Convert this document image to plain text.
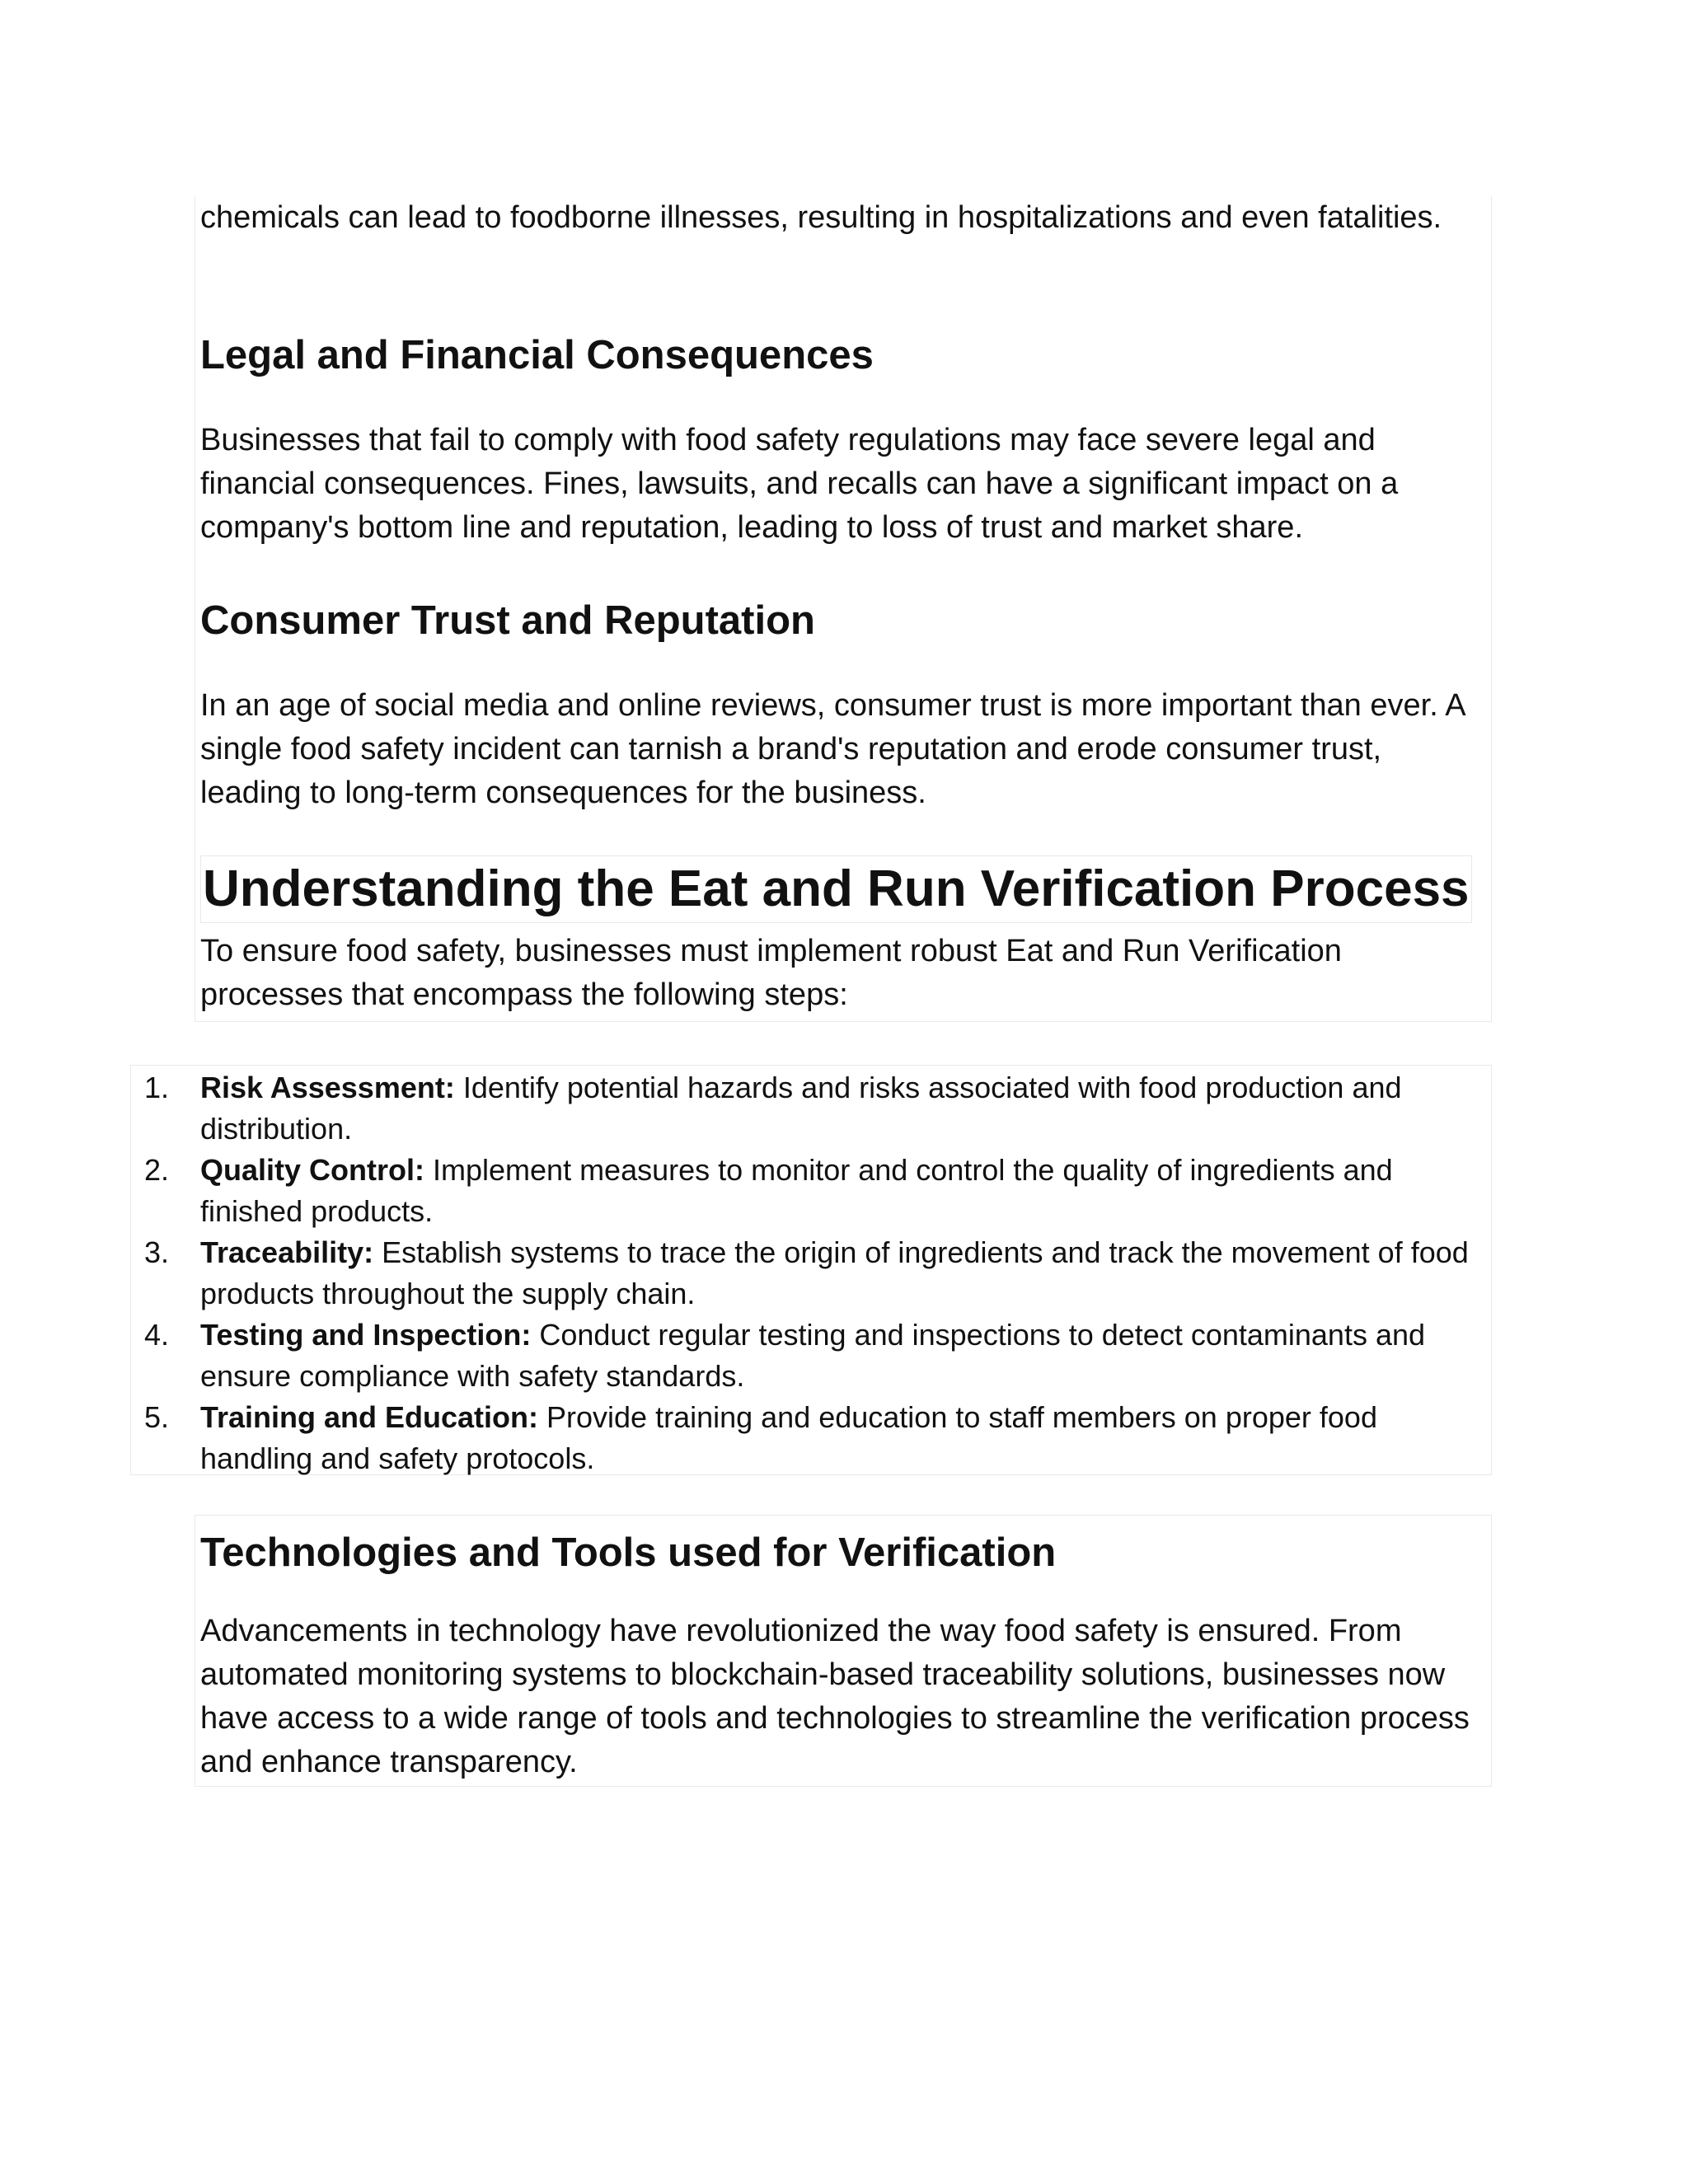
chemicals can lead to foodborne illnesses, resulting in hospitalizations and even fatalities.

Legal and Financial Consequences

Businesses that fail to comply with food safety regulations may face severe legal and financial consequences. Fines, lawsuits, and recalls can have a significant impact on a company's bottom line and reputation, leading to loss of trust and market share.

Consumer Trust and Reputation

In an age of social media and online reviews, consumer trust is more important than ever. A single food safety incident can tarnish a brand's reputation and erode consumer trust, leading to long-term consequences for the business.

Understanding the Eat and Run Verification Process

To ensure food safety, businesses must implement robust Eat and Run Verification processes that encompass the following steps:

1. Risk Assessment: Identify potential hazards and risks associated with food production and distribution.
2. Quality Control: Implement measures to monitor and control the quality of ingredients and finished products.
3. Traceability: Establish systems to trace the origin of ingredients and track the movement of food products throughout the supply chain.
4. Testing and Inspection: Conduct regular testing and inspections to detect contaminants and ensure compliance with safety standards.
5. Training and Education: Provide training and education to staff members on proper food handling and safety protocols.
Technologies and Tools used for Verification

Advancements in technology have revolutionized the way food safety is ensured. From automated monitoring systems to blockchain-based traceability solutions, businesses now have access to a wide range of tools and technologies to streamline the verification process and enhance transparency.
